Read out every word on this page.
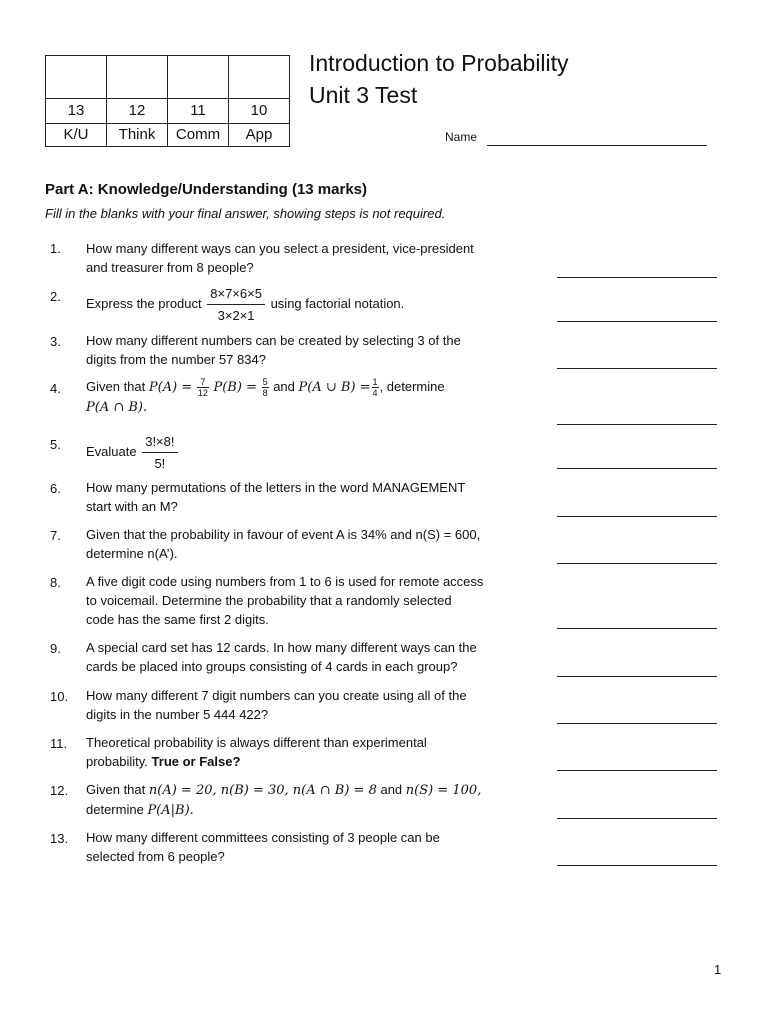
13	12	11	10
K/U	Think	Comm	App
Introduction to Probability
Unit 3 Test
Name
Part A: Knowledge/Understanding (13 marks)
Fill in the blanks with your final answer, showing steps is not required.
1.	How many different ways can you select a president, vice-president
and treasurer from 8 people?
2.	Express the product $\frac{8\times 7\times 6\times 5}{3\times 2\times 1}$ using factorial notation.
3.	How many different numbers can be created by selecting 3 of the
digits from the number 57 834?
4.	Given that $P(A) = \frac{7}{12} P(B) = \frac{5}{8}$ and P(A ∪ $B) = \frac{1}{4}$ , determine
P(A ∩ B).
5.	Evaluate $\frac{3!\times 8!}{5!}$
6.	How many permutations of the letters in the word MANAGEMENT
start with an M?
7.	Given that the probability in favour of event A is 34% and n(S) = 600,
determine n(A’).
8.	A five digit code using numbers from 1 to 6 is used for remote access
to voicemail. Determine the probability that a randomly selected
code has the same first 2 digits.
9.	A special card set has 12 cards. In how many different ways can the
cards be placed into groups consisting of 4 cards in each group?
10.	How many different 7 digit numbers can you create using all of the
digits in the number 5 444 422?
11.	Theoretical probability is always different than experimental
probability. True or False?
12.	Given that n(A) = 20, n(B) = 30, n(A ∩ B) = 8 and n(S) = 100,
determine P(A|B).
13.	How many different committees consisting of 3 people can be
selected from 6 people?
1
